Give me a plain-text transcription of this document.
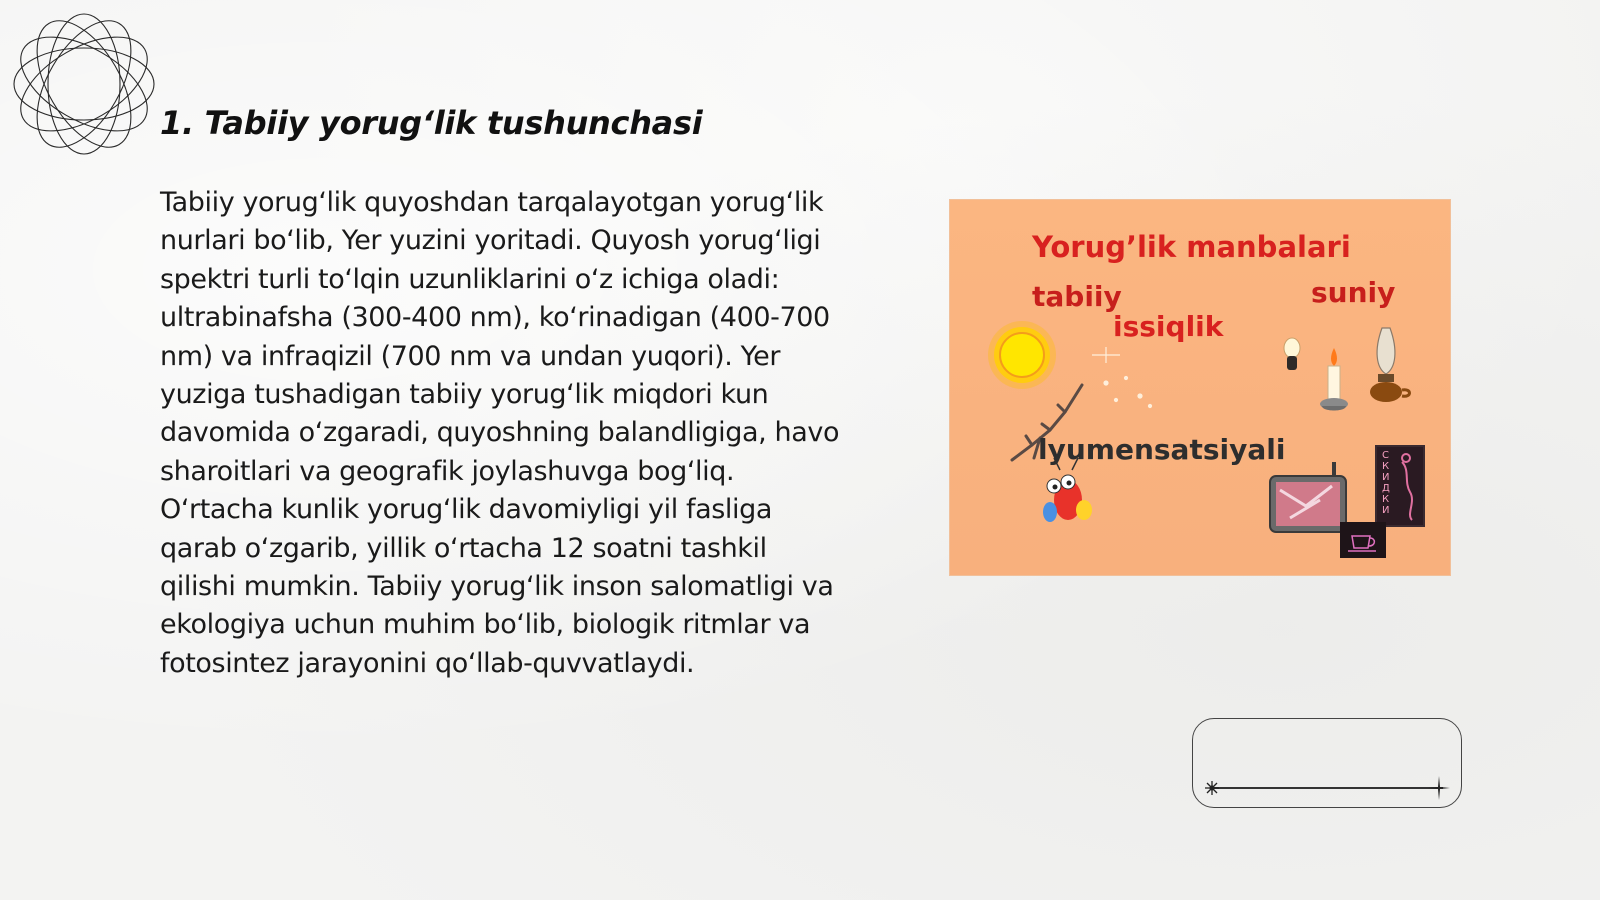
1. Tabiiy yorug‘lik tushunchasi

Tabiiy yorug‘lik quyoshdan tarqalayotgan yorug‘lik nurlari bo‘lib, Yer yuzini yoritadi. Quyosh yorug‘ligi spektri turli to‘lqin uzunliklarini o‘z ichiga oladi: ultrabinafsha (300-400 nm), ko‘rinadigan (400-700 nm) va infraqizil (700 nm va undan yuqori). Yer yuziga tushadigan tabiiy yorug‘lik miqdori kun davomida o‘zgaradi, quyoshning balandligiga, havo sharoitlari va geografik joylashuvga bog‘liq. O‘rtacha kunlik yorug‘lik davomiyligi yil fasliga qarab o‘zgarib, yillik o‘rtacha 12 soatni tashkil qilishi mumkin. Tabiiy yorug‘lik inson salomatligi va ekologiya uchun muhim bo‘lib, biologik ritmlar va fotosintez jarayonini qo‘llab-quvvatlaydi.

С К И Д К И
Yorug’lik manbalari
tabiiy	suniy
issiqlik
lyumensatsiyali
